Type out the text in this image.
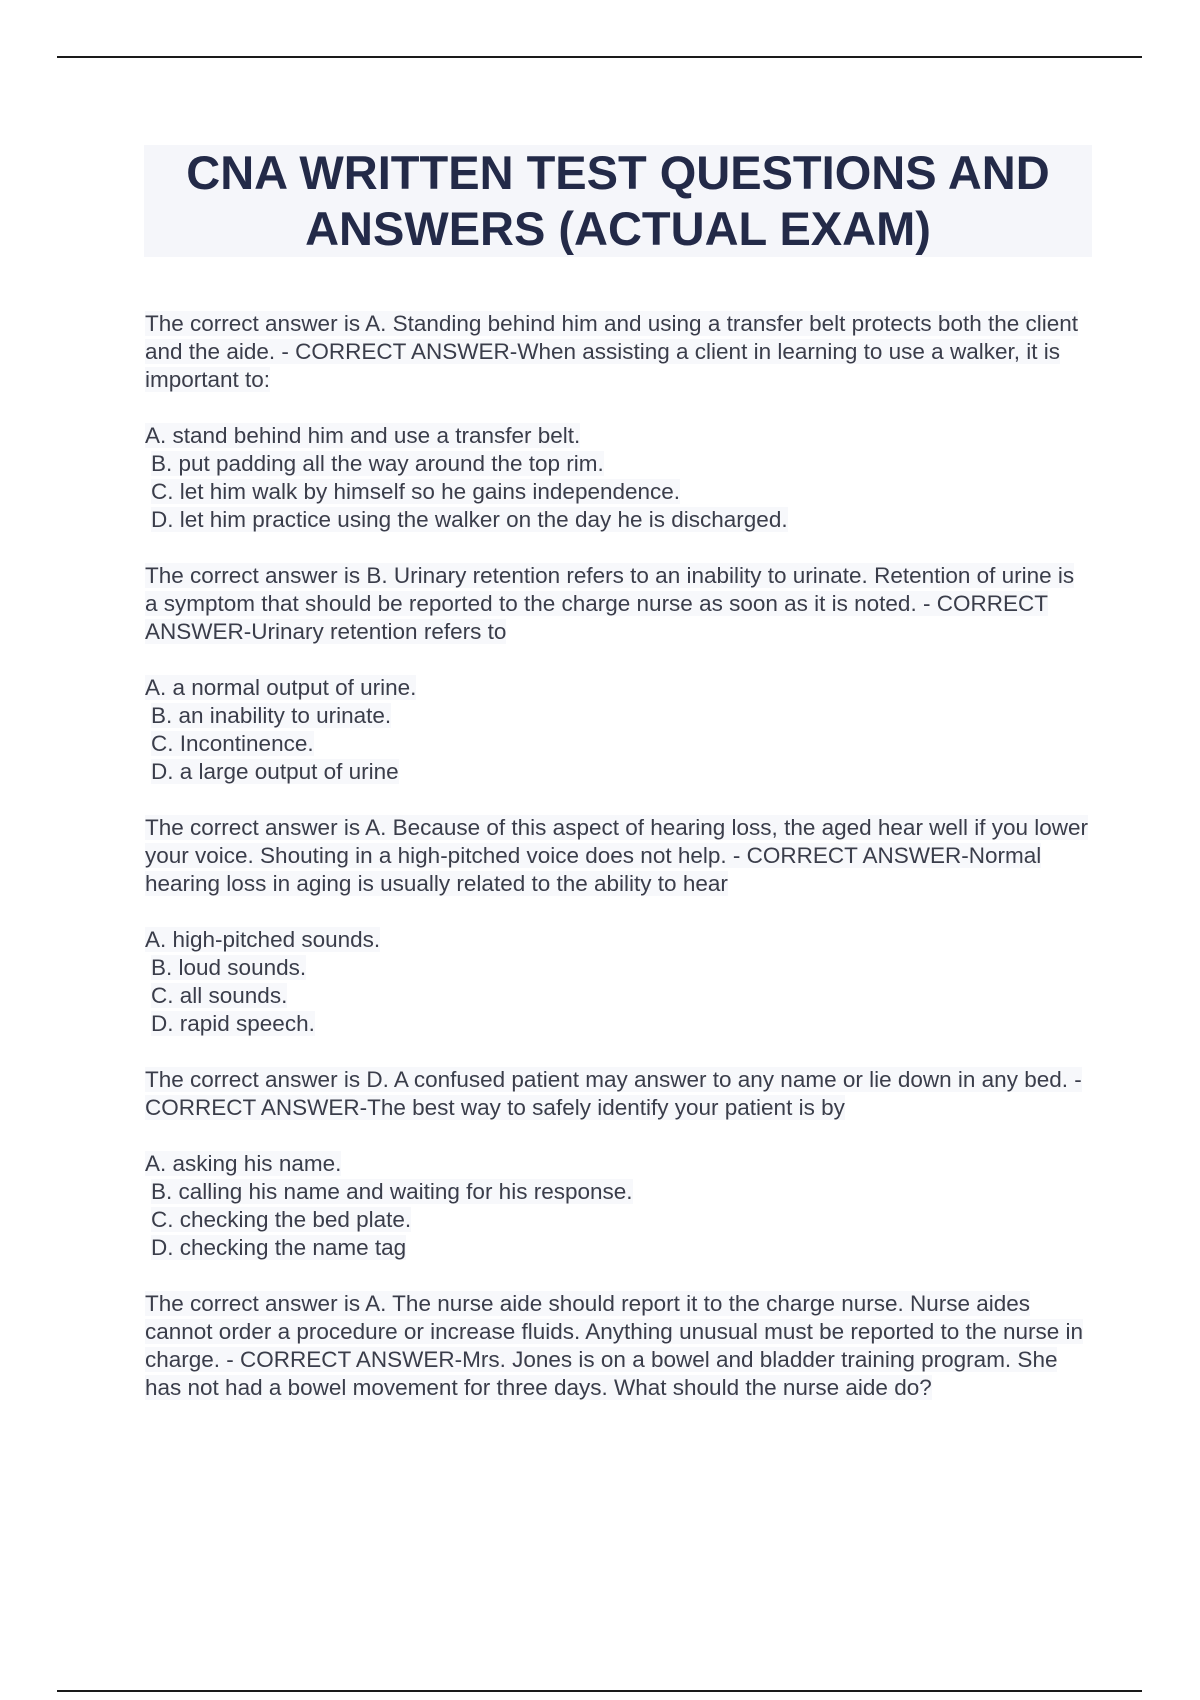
CNA WRITTEN TEST QUESTIONS AND ANSWERS (ACTUAL EXAM)

The correct answer is A. Standing behind him and using a transfer belt protects both the client and the aide. - CORRECT ANSWER-When assisting a client in learning to use a walker, it is important to:

A. stand behind him and use a transfer belt.
B. put padding all the way around the top rim.
C. let him walk by himself so he gains independence.
D. let him practice using the walker on the day he is discharged.

The correct answer is B. Urinary retention refers to an inability to urinate. Retention of urine is a symptom that should be reported to the charge nurse as soon as it is noted. - CORRECT ANSWER-Urinary retention refers to

A. a normal output of urine.
B. an inability to urinate.
C. Incontinence.
D. a large output of urine

The correct answer is A. Because of this aspect of hearing loss, the aged hear well if you lower your voice. Shouting in a high-pitched voice does not help. - CORRECT ANSWER-Normal hearing loss in aging is usually related to the ability to hear

A. high-pitched sounds.
B. loud sounds.
C. all sounds.
D. rapid speech.

The correct answer is D. A confused patient may answer to any name or lie down in any bed. - CORRECT ANSWER-The best way to safely identify your patient is by

A. asking his name.
B. calling his name and waiting for his response.
C. checking the bed plate.
D. checking the name tag

The correct answer is A. The nurse aide should report it to the charge nurse. Nurse aides cannot order a procedure or increase fluids. Anything unusual must be reported to the nurse in charge. - CORRECT ANSWER-Mrs. Jones is on a bowel and bladder training program. She has not had a bowel movement for three days. What should the nurse aide do?
